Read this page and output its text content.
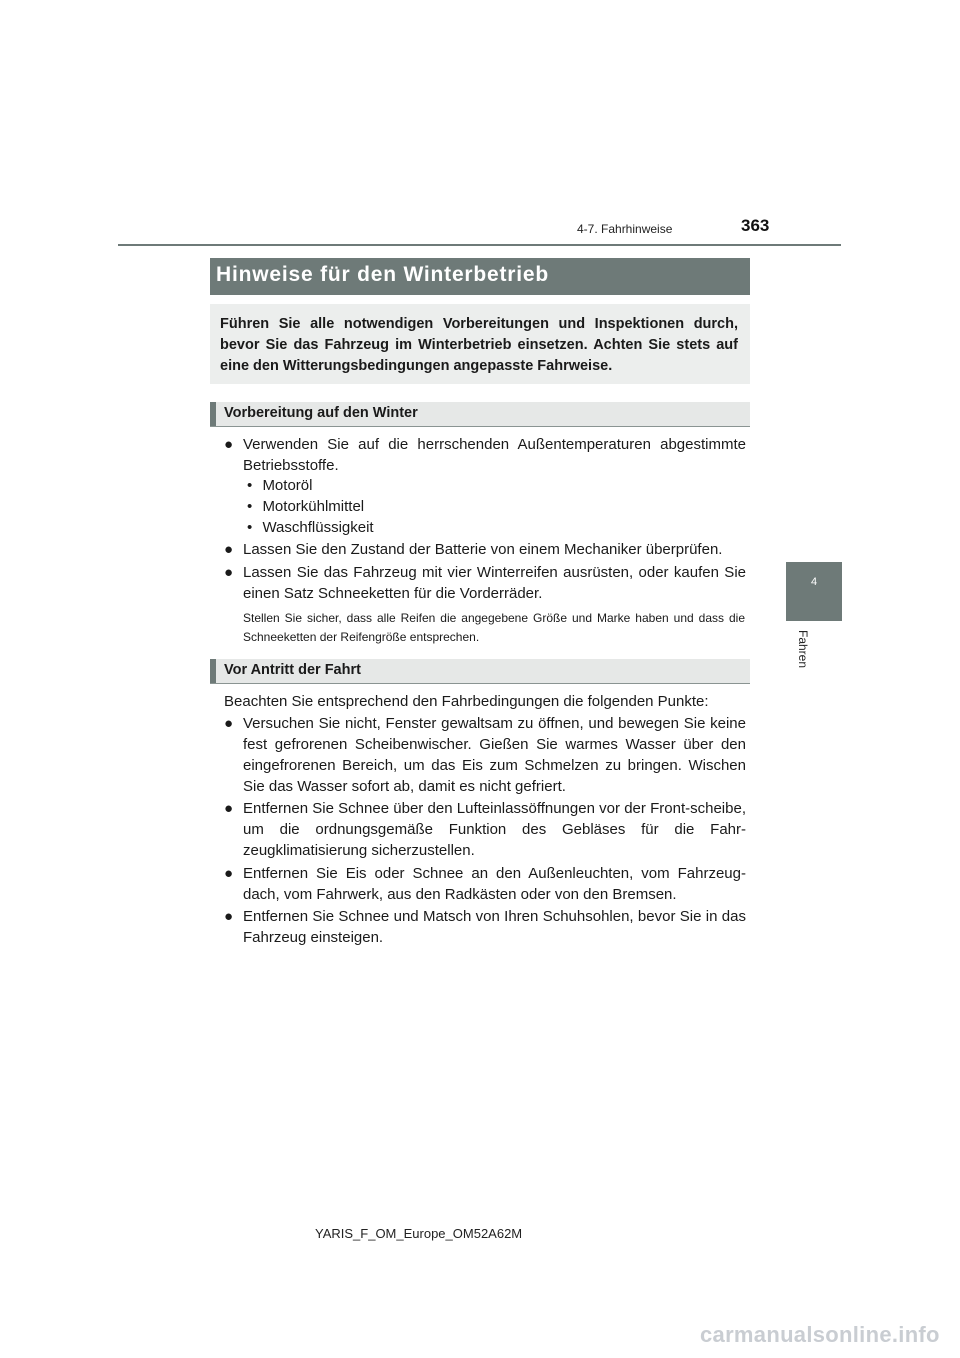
4-7. Fahrhinweise	363
4
Fahren
Hinweise für den Winterbetrieb
Führen Sie alle notwendigen Vorbereitungen und Inspektionen durch, bevor Sie das Fahrzeug im Winterbetrieb einsetzen. Achten Sie stets auf eine den Witterungsbedingungen angepasste Fahrweise.
Vorbereitung auf den Winter
● Verwenden Sie auf die herrschenden Außentemperaturen abgestimmte Betriebsstoffe.
• Motoröl
• Motorkühlmittel
• Waschflüssigkeit
● Lassen Sie den Zustand der Batterie von einem Mechaniker überprüfen.
● Lassen Sie das Fahrzeug mit vier Winterreifen ausrüsten, oder kaufen Sie einen Satz Schneeketten für die Vorderräder.
Stellen Sie sicher, dass alle Reifen die angegebene Größe und Marke haben und dass die Schneeketten der Reifengröße entsprechen.
Vor Antritt der Fahrt
Beachten Sie entsprechend den Fahrbedingungen die folgenden Punkte:
● Versuchen Sie nicht, Fenster gewaltsam zu öffnen, und bewegen Sie keine fest gefrorenen Scheibenwischer. Gießen Sie warmes Wasser über den eingefrorenen Bereich, um das Eis zum Schmelzen zu bringen. Wischen Sie das Wasser sofort ab, damit es nicht gefriert.
● Entfernen Sie Schnee über den Lufteinlassöffnungen vor der Front-scheibe, um die ordnungsgemäße Funktion des Gebläses für die Fahr-zeugklimatisierung sicherzustellen.
● Entfernen Sie Eis oder Schnee an den Außenleuchten, vom Fahrzeug-dach, vom Fahrwerk, aus den Radkästen oder von den Bremsen.
● Entfernen Sie Schnee und Matsch von Ihren Schuhsohlen, bevor Sie in das Fahrzeug einsteigen.
YARIS_F_OM_Europe_OM52A62M
carmanualsonline.info
